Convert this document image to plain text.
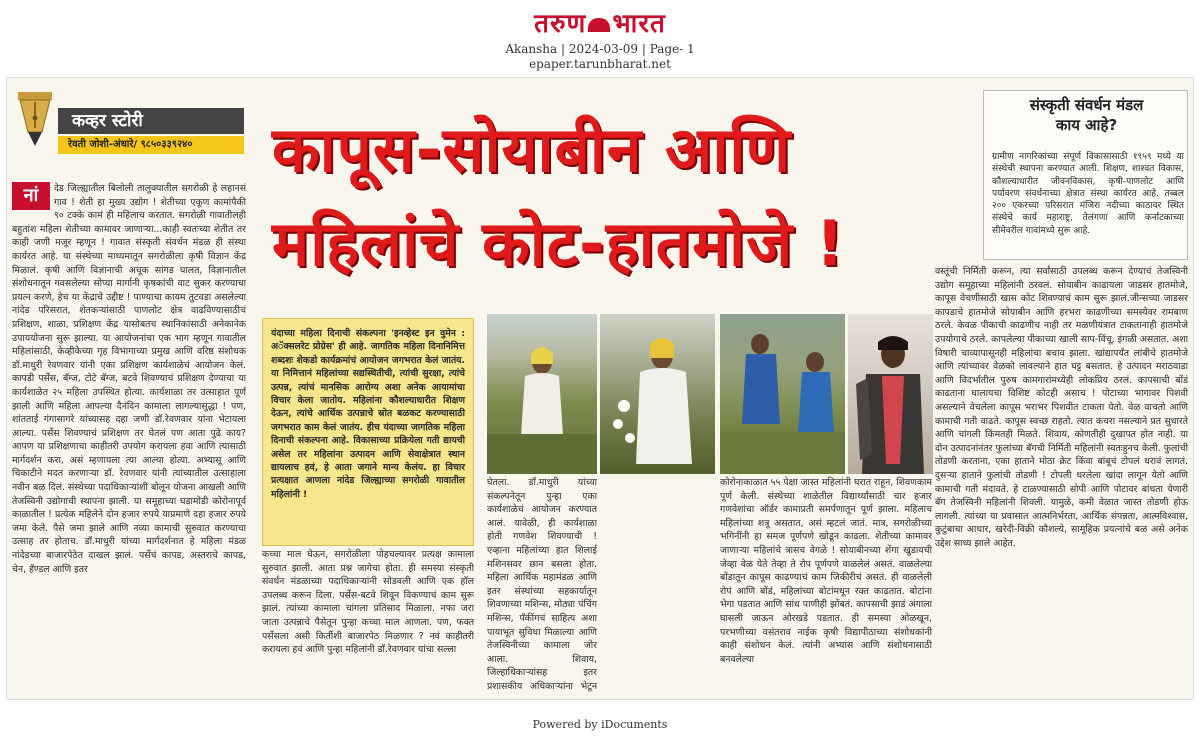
तरुण भारत
Akansha | 2024-03-09 | Page- 1
epaper.tarunbharat.net
कव्हर स्टोरी
रेवती जोशी-अंधारे/ ९८५०३३९२४०

देड जिल्ह्यातील बिलोली तालुक्यातील सगरोळी हे लहानसं गाव ! शेती हा मुख्य उद्योग ! शेतीच्या एकूण कामांपैकी ९० टक्के कामं ही महिलाच करतात. सगरोळी गावातीलही बहुतांश महिला शेतीच्या कामावर जाणाऱ्या...काही स्वतःच्या शेतीत तर काही जणी मजूर म्हणून ! गावात संस्कृती संवर्धन मंडळ ही संस्था कार्यरत आहे. या संस्थेच्या माध्यमातून सगरोळीला कृषी विज्ञान केंद्र मिळालं. कृषी आणि विज्ञानाची अचूक सांगड घालत, विज्ञानातील संशोधनातून गवसलेल्या सोप्या मार्गानी कृषकांची वाट सुकर करण्याचा प्रयत्न करणे, हेच या केंद्राचे उद्दीष्ट ! पाण्याचा कायम तुटवडा असलेल्या नांदेड परिसरात, शेतकऱ्यांसाठी पाणलोट क्षेत्र वाढविण्यासाठीचं प्रशिक्षण, शाळा, प्रशिक्षण केंद्र यासोबतच स्थानिकांसाठी अनेकानेक उपाययोजना सुरू झाल्या. या आयोजनांचा एक भाग म्हणून गावातील महिलांसाठी, केव्हीकेच्या गृह विभागाच्या प्रमुख आणि वरिष्ठ संशोधक डॉ.माधुरी रेवणवार यांनी एका प्रशिक्षण कार्यशाळेचं आयोजन केलं. कापडी पर्सेस, बॅग्ज, टोटे बॅग्ज, बटवे शिवण्याचं प्रशिक्षण देण्याचा या कार्यशाळेत २५ महिला उपस्थित होत्या. कार्यशाळा तर उत्साहात पूर्ण झाली आणि महिला आपल्या दैनंदिन कामाला लागल्यासुद्धा ! पण, शांतताई गंगासागरे यांच्यासह दहा जणी डॉ.रेवणवार यांना भेटायला आल्या. पर्सेस शिवण्याचं प्रशिक्षण तर घेतलं पण आता पुढे काय? आपण या प्रशिक्षणाचा काहीतरी उपयोग करायला हवा आणि त्यासाठी मार्गदर्शन करा, असं म्हणायला त्या आल्या होत्या. अभ्यासू आणि चिकाटीने मदत करणाऱ्या डॉ. रेवणवार यांनी त्यांच्यातील उत्साहाला नवीन बळ दिलं. संस्थेच्या पदाधिकाऱ्यांशी बोलून योजना आखली आणि तेजस्विनी उद्योगाची स्थापना झाली. या समूहाच्या घडामोडी कोरोनापूर्व काळातील ! प्रत्येक महिलेने दोन हजार रुपये याप्रमाणे दहा हजार रुपये जमा केले. पैसे जमा झाले आणि नव्या कामाची सुरुवात करण्याचा उत्साह तर होताच. डॉ.माधुरी यांच्या मार्गदर्शनात हे महिला मंडळ नांदेडच्या बाजारपेठेत दाखल झालं. पर्सेचं कापड, अस्तराचे कापड, चेन, हॅण्डल आणि इतर

नां
कापूस-सोयाबीन आणि
महिलांचे कोट-हातमोजे !
संस्कृती संवर्धन मंडल
काय आहे?
ग्रामीण नागरिकांच्या संपूर्ण विकासासाठी १९५९ मध्ये या संस्थेची स्थापना करण्यात आली. शिक्षण, शाश्वत विकास, कौशल्याधारीत जीवनविकास, कृषी-पाणलोट आणि पर्यावरण संवर्धनाच्या क्षेत्रात संस्था कार्यरत आहे. तब्बल २०० एकरच्या परिसरात मंजिरा नदीच्या काठावर स्थित संस्थेचे कार्य महाराष्ट्र, तेलंगणा आणि कर्नाटकाच्या सीमेवरील गावांमध्ये सुरू आहे.

यंदाच्या महिला दिनाची संकल्पना 'इनव्हेस्ट इन वुमेन : अॅक्सलरेट प्रोग्रेस' ही आहे. जागतिक महिला दिनानिमित्त शब्दशः शेकडो कार्यक्रमांचं आयोजन जगभरात केलं जातंय. या निमित्तानं महिलांच्या सद्यस्थितीची, त्यांची सुरक्षा, त्यांचे उत्पन्न, त्यांचं मानसिक आरोग्य अशा अनेक आयामांचा विचार केला जातोय. महिलांना कौशल्याधारीत शिक्षण देऊन, त्यांचे आर्थिक उत्पन्नाचे स्रोत बळकट करण्यासाठी जगभरात काम केलं जातंय. हीच यंदाच्या जागतिक महिला दिनाची संकल्पना आहे. विकासाच्या प्रक्रियेला गती द्यायची असेल तर महिलांना उत्पादन आणि सेवाक्षेत्रात स्थान द्यायलाच हवं, हे आता जगाने मान्य केलंय. हा विचार प्रत्यक्षात आणला नांदेड जिल्ह्याच्या सगरोळी गावातील महिलांनी !

कच्चा माल घेऊन, सगरोळीला पोहचल्यावर प्रत्यक्ष कामाला सुरुवात झाली. आता प्रश्न जागेचा होता. ही समस्या संस्कृती संवर्धन मंडळाच्या पदाधिकाऱ्यांनी सोडवली आणि एक हॉल उपलब्ध करून दिला. पर्सेस-बटवे शिवून विकण्याचं काम सुरू झालं. त्यांच्या कामाला चांगला प्रतिसाद मिळाला. नफा जरा जाता उत्पन्नाचे पैसेतून पुन्हा कच्चा माल आणला. पण, फक्त पर्सेसला असी किर्तीशी बाजारपेठ मिळणार ? नवं काहीतरी करायला हवं आणि पुन्हा महिलांनी डॉ.रेवणवार यांचा सल्ला
घेतला. डॉ.माधुरी यांच्या संकल्पनेतून पुन्हा एका कार्यशाळेचं आयोजन करण्यात आलं. यावेळी, ही कार्यशाळा होती गणवेश शिवण्याची ! एव्हाना महिलांच्या हात शिलाई मशिनसवर छान बसला होता. महिला आर्थिक महामंडळ आणि इतर संस्थांच्या सहकार्यातून शिवणाच्या मशिन्स, मोठ्या पंचिंग मशिन्स, पॅकींगचं साहित्य अशा पायाभूत सुविधा मिळाल्या आणि तेजस्विनीच्या कामाला जोर आला. शिवाय, जिल्हाधिकाऱ्यांसह इतर प्रशासकीय अधिकाऱ्यांना भेटून
कोरोनाकाळात ५५ पेक्षा जास्त महिलांनी घरात राहून, शिवणकाम पूर्ण केली. संस्थेच्या शाळेतील विद्यार्थ्यांसाठी चार हजार गणवेशांचा ऑर्डर कामाप्रती समर्पणातून पूर्ण झाला. महिलाच महिलांच्या शत्रू असतात, असं म्हटलं जातं. मात्र, सगरोळीच्या भगिनींनी हा समज पूर्णपणे खोडून काढला. शेतीच्या कामावर जाणाऱ्या महिलांचे त्रासच वेगळे ! सोयाबीनच्या शेंगा खुडायची जेव्हा वेळ येते तेव्हा ते रोप पूर्णपणे वाळलेलं असतं. वाळलेल्या बोंडातून कापूस काढण्याचं काम जिकीरीचं असतं. ही वाळलेली रोपं आणि बोंडं, महिलांच्या बोटांमधून रक्त काढतात. बोटांना भेगा पडतात आणि सांध पाणीही झोंबतं. कापसाची झाडं अंगाला घासली जाऊन ओरखडे पडतात. ही समस्या ओळखून, परभणीच्या वसंतराव नाईक कृषी विद्यापीठाच्या संशोधकांनी काही संशोधन केलं. त्यांनी अभ्यास आणि संशोधनासाठी बनवलेल्या
वस्तूंची निर्मिती करून, त्या सर्वांसाठी उपलब्ध करून देण्याचं तेजस्विनी उद्योग समूहाच्या महिलांनी ठरवलं. सोयाबीन काढायला जाडसर हातमोजे, कापूस वेचणीसाठी खास कोट शिवण्याचं काम सुरू झालं.जीन्सच्या जाडसर कापडाचे हातमोजे सोयाबीन आणि हरभरा काढणीच्या समस्येवर रामबाण ठरले. केवळ पीकाची काढणीच नाही तर मळणीयंत्रात टाकतानाही हातमोजे उपयोगाचे ठरले. कापलेल्या पीकाच्या खाली साप-विंचू, इंगळी असतात. अशा विषारी चाव्यापासूनही महिलांचा बचाव झाला. खांद्यापर्यंत लांबीचे हातमोजे आणि त्यांच्यावर वेळको लावल्याने हात घट्ट बसतात. हे उत्पादन मराठवाडा आणि विदर्भातील पुरुष कामगारांमध्येही लोकप्रिय ठरलं. कापसाची बोंडं काढताना घालायचा विशिष्ट कोटही असाच ! पोटाच्या भागावर पिशवी असल्याने वेचलेला कापूस भराभर पिशवीत टाकता येतो. वेळ वाचतो आणि कामाची गती वाढते. कापूस स्वच्छ राहतो. त्यात कचरा नसल्याने प्रत सुधारते आणि चांगली किंमतही मिळते. शिवाय, कोणतीही दुखापत होत नाही. या दोन उत्पादनांनंतर फुलांच्या बॅगची निर्मिती महिलांनी स्वतःहुनच केली. फुलांची तोडणी करताना, एका हाताने मोठा क्रेट किंवा बांबूचं टोपलं धरावं लागतं. दुसऱ्या हाताने फुलांची तोडणी ! टोपली धरलेला खांदा लागून येतो आणि कामाची गती मंदावते. हे टाळण्यासाठी सोपी आणि पोटावर बांधता येणारी बॅग तेजस्विनी महिलांनी शिवली. यामुळे, कमी वेळात जास्त तोडणी होऊ लागली. त्यांच्या या प्रवासात आत्मनिर्भरता, आर्थिक संपन्नता, आत्मविश्वास, कुटुंबाचा आधार, खरेदी-विक्री कौशल्ये, सामूहिक प्रयत्नांचे बळ असे अनेक उद्देश साध्य झाले आहेत.
Powered by iDocuments
